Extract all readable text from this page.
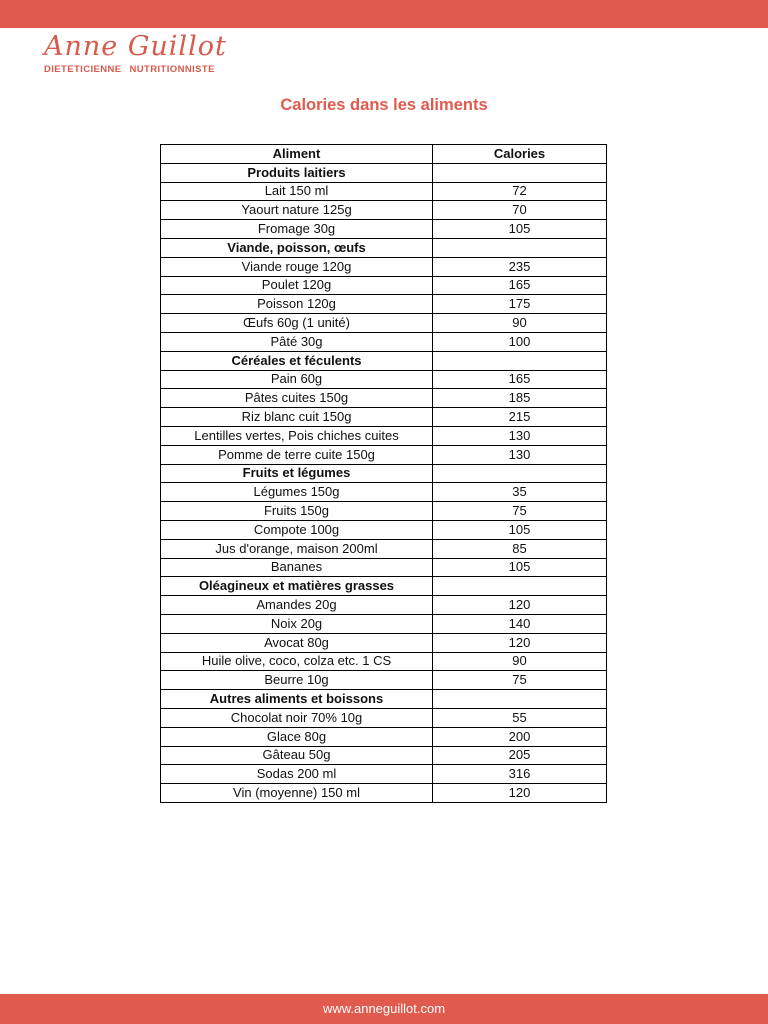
Anne Guillot
DIETETICIENNE NUTRITIONNISTE
Calories dans les aliments
Aliment	Calories
Produits laitiers	
Lait 150 ml	72
Yaourt nature 125g	70
Fromage 30g	105
Viande, poisson, œufs	
Viande rouge 120g	235
Poulet 120g	165
Poisson 120g	175
Œufs 60g (1 unité)	90
Pâté 30g	100
Céréales et féculents	
Pain 60g	165
Pâtes cuites 150g	185
Riz blanc cuit 150g	215
Lentilles vertes, Pois chiches cuites	130
Pomme de terre cuite 150g	130
Fruits et légumes	
Légumes 150g	35
Fruits 150g	75
Compote 100g	105
Jus d'orange, maison 200ml	85
Bananes	105
Oléagineux et matières grasses	
Amandes 20g	120
Noix 20g	140
Avocat 80g	120
Huile olive, coco, colza etc. 1 CS	90
Beurre 10g	75
Autres aliments et boissons	
Chocolat noir 70% 10g	55
Glace 80g	200
Gâteau 50g	205
Sodas 200 ml	316
Vin (moyenne) 150 ml	120
www.anneguillot.com
